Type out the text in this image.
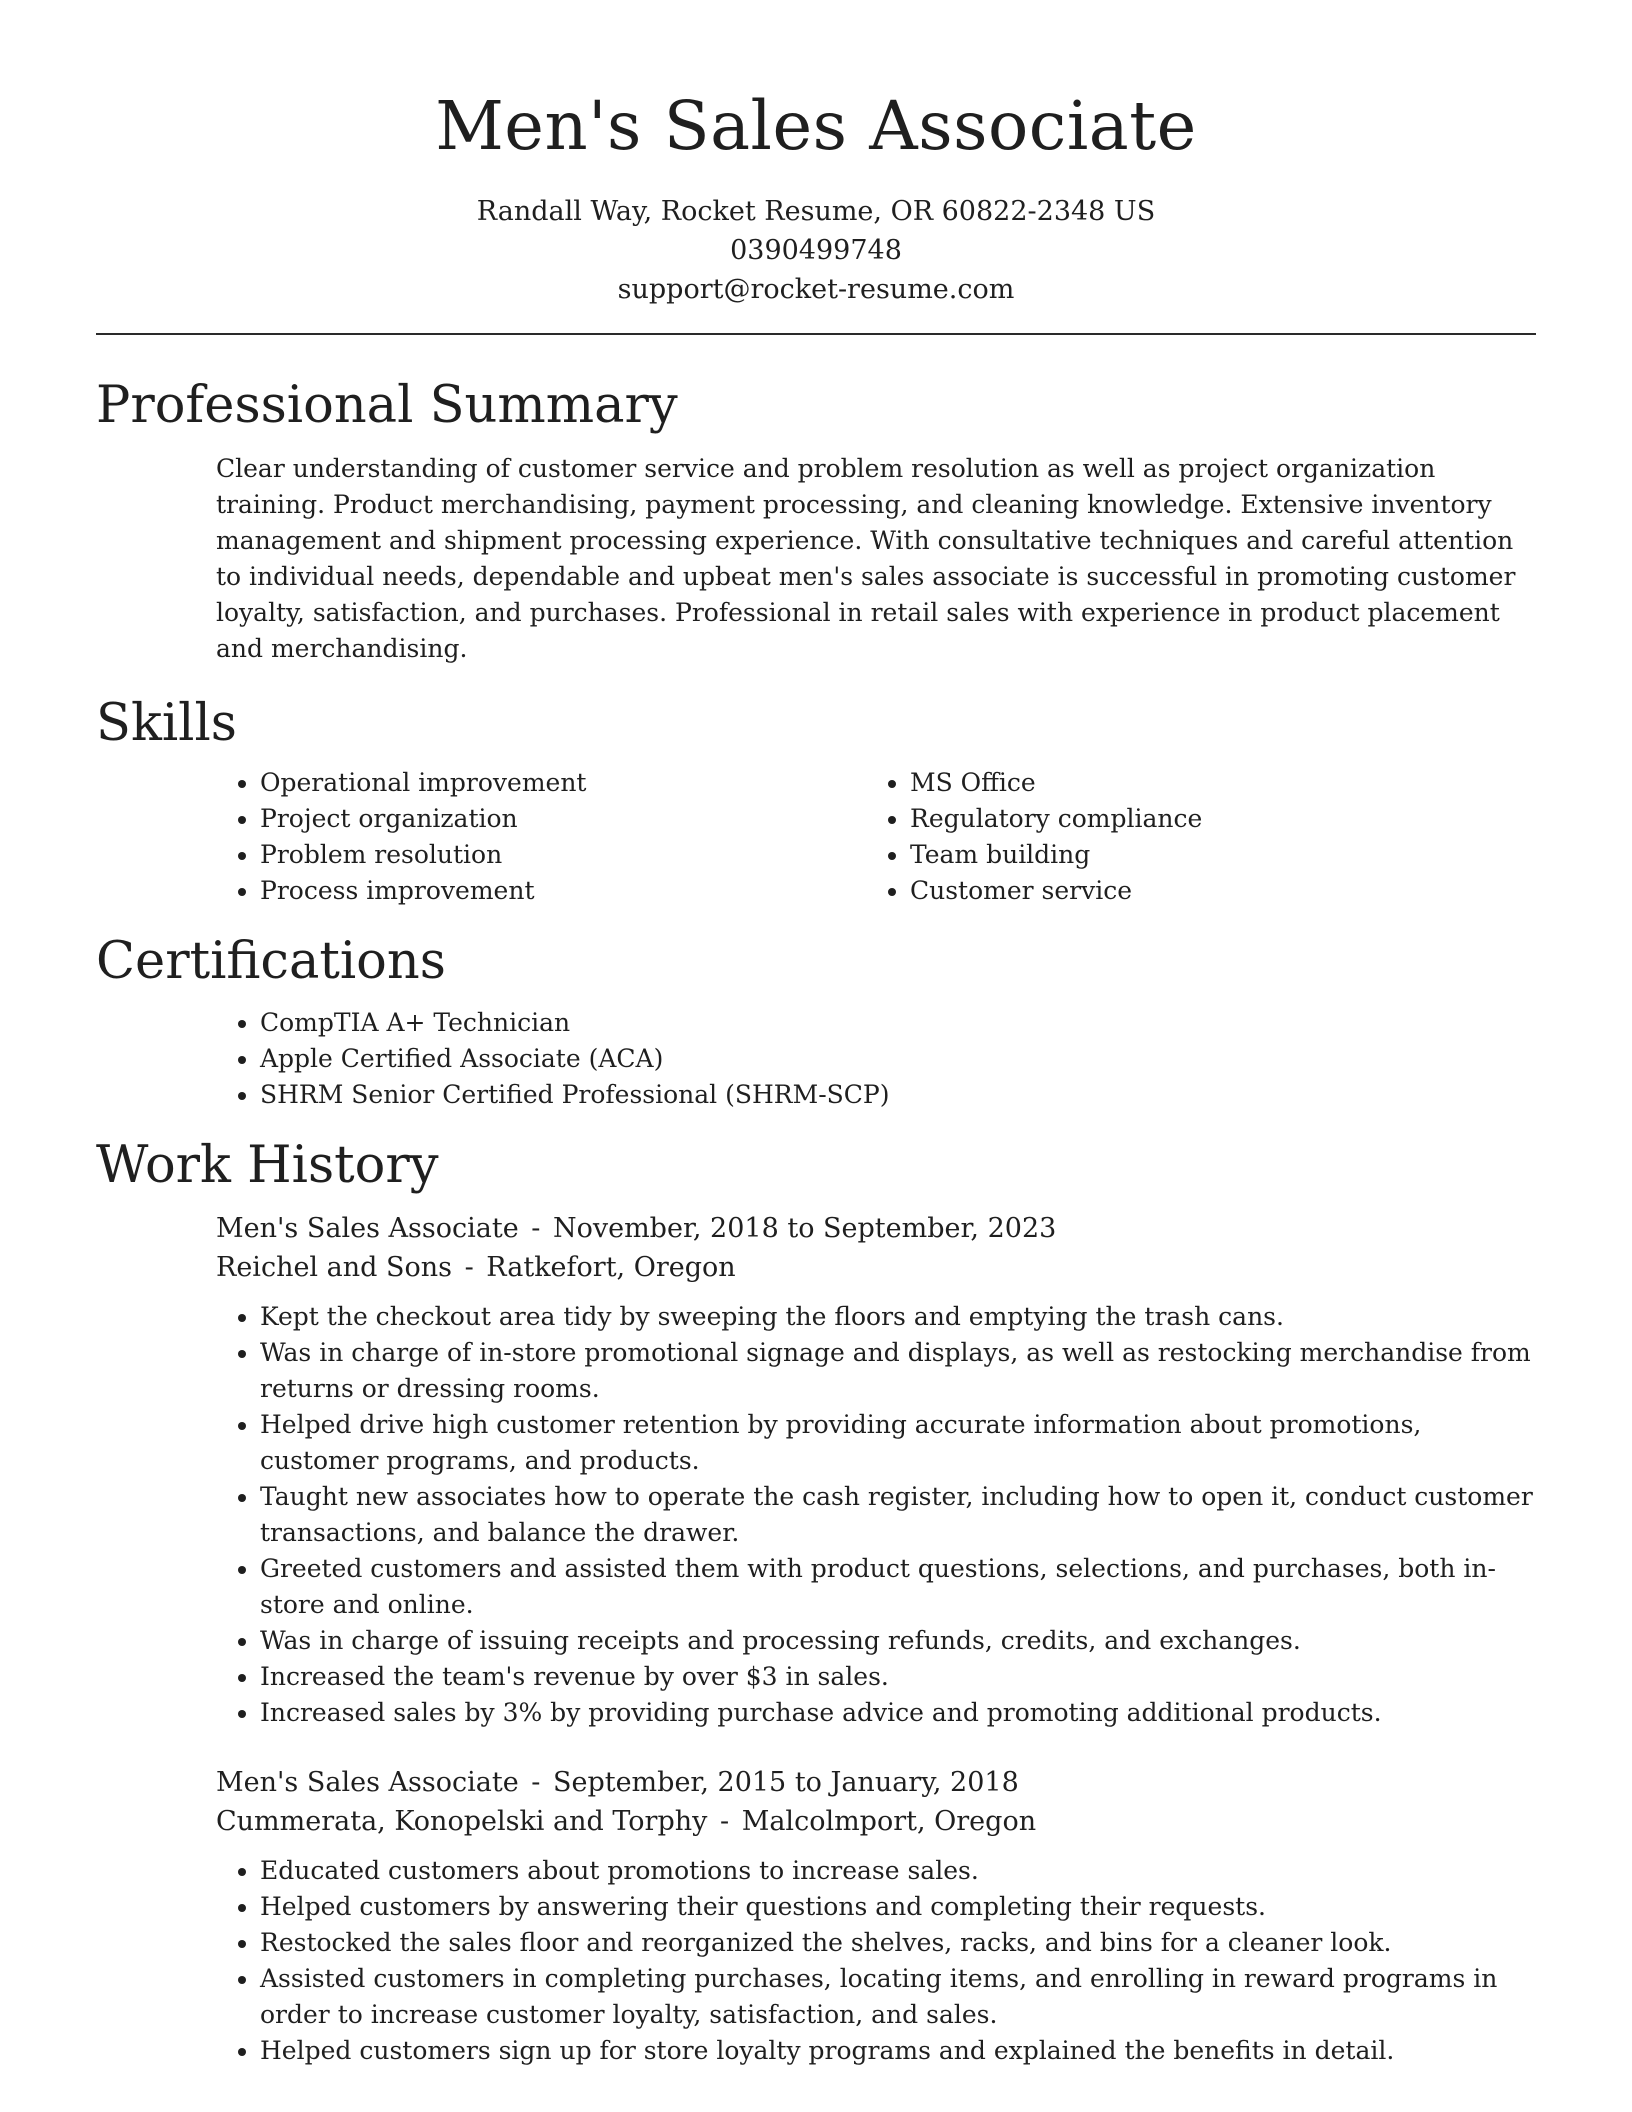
Men's Sales Associate
Randall Way, Rocket Resume, OR 60822-2348 US
0390499748
support@rocket-resume.com
Professional Summary
Clear understanding of customer service and problem resolution as well as project organization training. Product merchandising, payment processing, and cleaning knowledge. Extensive inventory management and shipment processing experience. With consultative techniques and careful attention to individual needs, dependable and upbeat men's sales associate is successful in promoting customer loyalty, satisfaction, and purchases. Professional in retail sales with experience in product placement and merchandising.
Skills
• Operational improvement
• Project organization
• Problem resolution
• Process improvement
• MS Office
• Regulatory compliance
• Team building
• Customer service
Certifications
• CompTIA A+ Technician
• Apple Certified Associate (ACA)
• SHRM Senior Certified Professional (SHRM-SCP)
Work History
Men's Sales Associate - November, 2018 to September, 2023
Reichel and Sons - Ratkefort, Oregon
• Kept the checkout area tidy by sweeping the floors and emptying the trash cans.
• Was in charge of in-store promotional signage and displays, as well as restocking merchandise from returns or dressing rooms.
• Helped drive high customer retention by providing accurate information about promotions, customer programs, and products.
• Taught new associates how to operate the cash register, including how to open it, conduct customer transactions, and balance the drawer.
• Greeted customers and assisted them with product questions, selections, and purchases, both in-store and online.
• Was in charge of issuing receipts and processing refunds, credits, and exchanges.
• Increased the team's revenue by over $3 in sales.
• Increased sales by 3% by providing purchase advice and promoting additional products.
Men's Sales Associate - September, 2015 to January, 2018
Cummerata, Konopelski and Torphy - Malcolmport, Oregon
• Educated customers about promotions to increase sales.
• Helped customers by answering their questions and completing their requests.
• Restocked the sales floor and reorganized the shelves, racks, and bins for a cleaner look.
• Assisted customers in completing purchases, locating items, and enrolling in reward programs in order to increase customer loyalty, satisfaction, and sales.
• Helped customers sign up for store loyalty programs and explained the benefits in detail.
